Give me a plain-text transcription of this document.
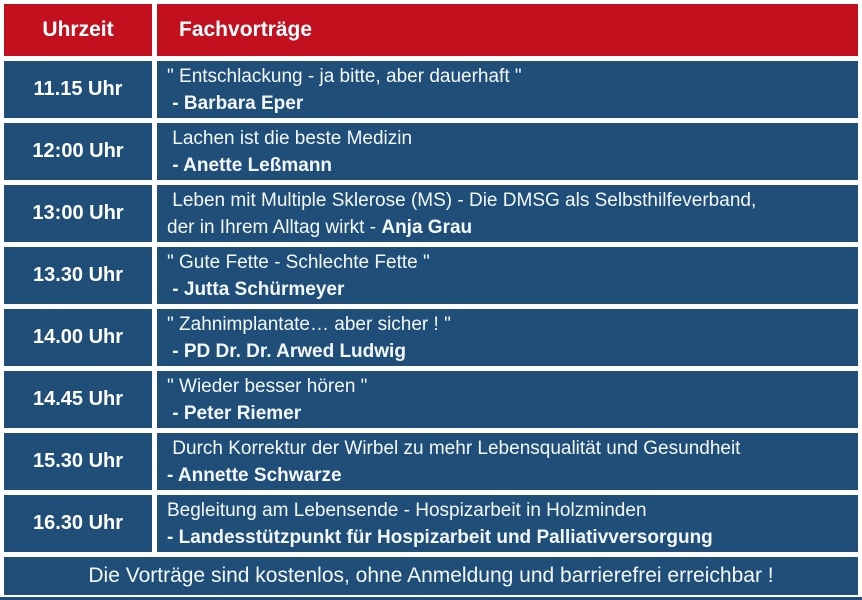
Uhrzeit	Fachvorträge
11.15 Uhr
" Entschlackung - ja bitte, aber dauerhaft "
- Barbara Eper
12:00 Uhr
Lachen ist die beste Medizin
- Anette Leßmann
13:00 Uhr
Leben mit Multiple Sklerose (MS) - Die DMSG als Selbsthilfeverband,
der in Ihrem Alltag wirkt - Anja Grau
13.30 Uhr
" Gute Fette - Schlechte Fette "
- Jutta Schürmeyer
14.00 Uhr
" Zahnimplantate… aber sicher ! "
- PD Dr. Dr. Arwed Ludwig
14.45 Uhr
" Wieder besser hören "
- Peter Riemer
15.30 Uhr
Durch Korrektur der Wirbel zu mehr Lebensqualität und Gesundheit
- Annette Schwarze
16.30 Uhr
Begleitung am Lebensende - Hospizarbeit in Holzminden
- Landesstützpunkt für Hospizarbeit und Palliativversorgung
Die Vorträge sind kostenlos, ohne Anmeldung und barrierefrei erreichbar !
